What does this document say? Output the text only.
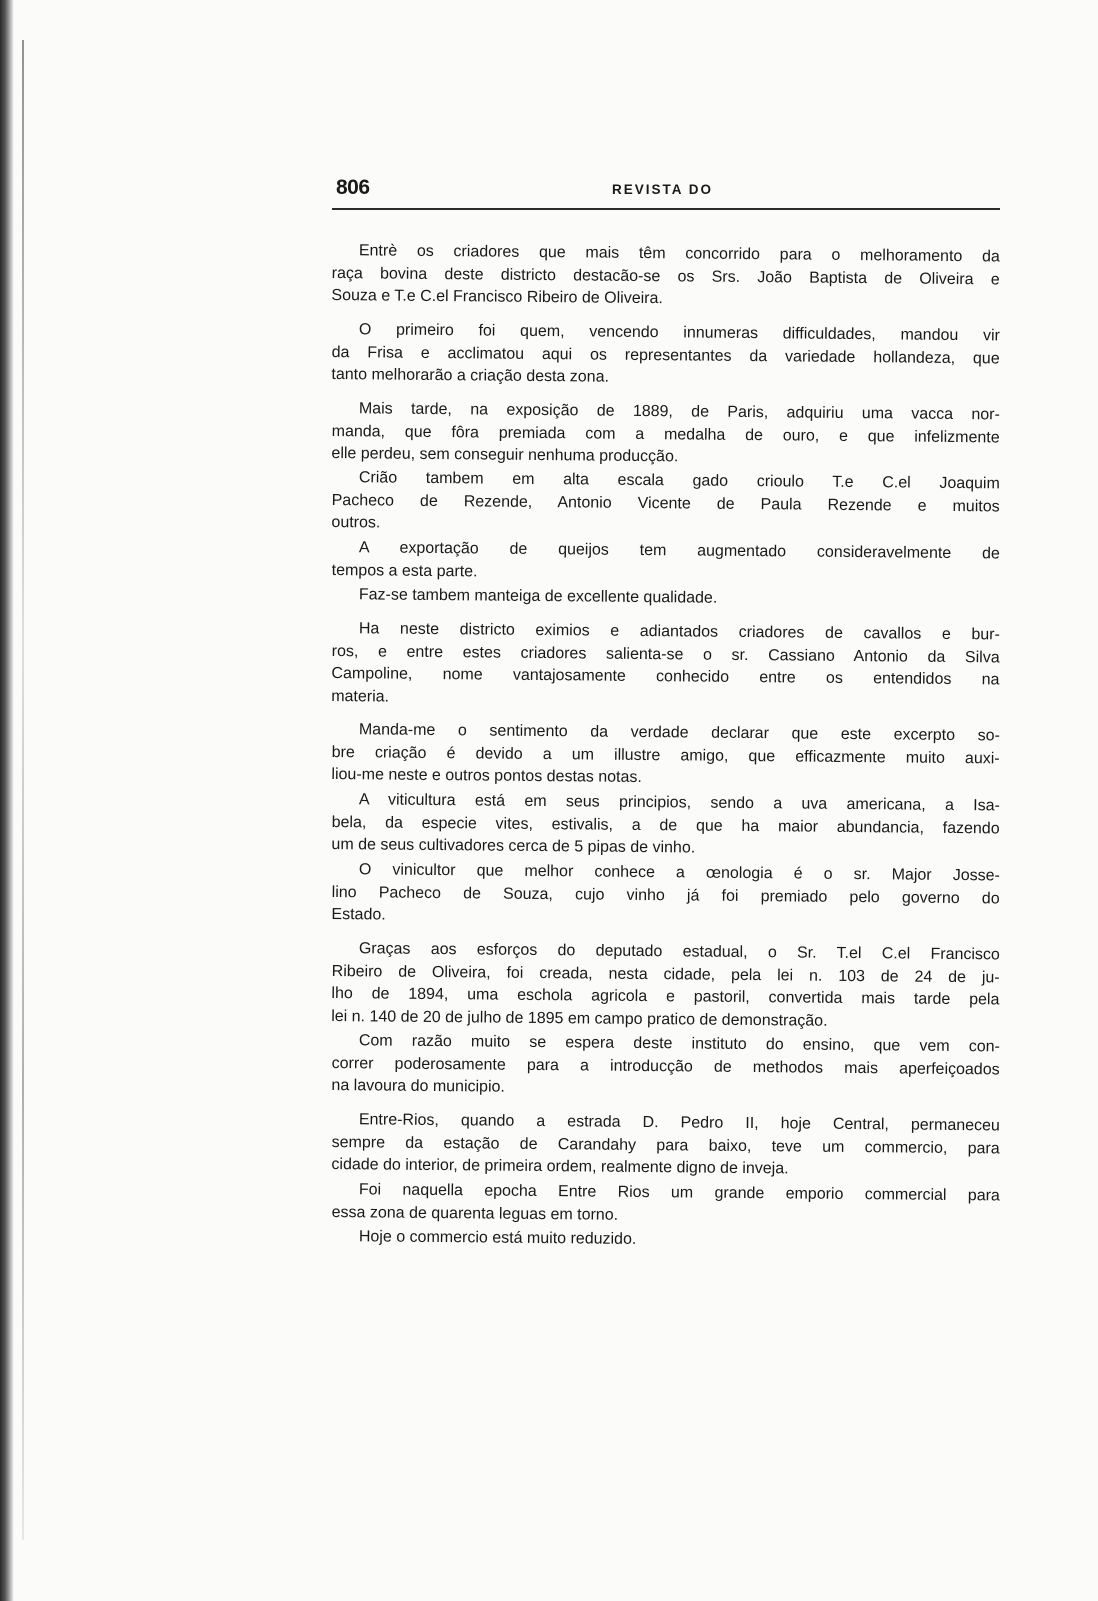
806	REVISTA DO

Entrè os criadores que mais têm concorrido para o melhoramento da
raça bovina deste districto destacão-se os Srs. João Baptista de Oliveira e
Souza e T.e C.el Francisco Ribeiro de Oliveira.

O primeiro foi quem, vencendo innumeras difficuldades, mandou vir
da Frisa e acclimatou aqui os representantes da variedade hollandeza, que
tanto melhorarão a criação desta zona.

Mais tarde, na exposição de 1889, de Paris, adquiriu uma vacca nor-
manda, que fôra premiada com a medalha de ouro, e que infelizmente
elle perdeu, sem conseguir nenhuma producção.

Crião tambem em alta escala gado crioulo T.e C.el Joaquim
Pacheco de Rezende, Antonio Vicente de Paula Rezende e muitos
outros.

A exportação de queijos tem augmentado consideravelmente de
tempos a esta parte.

Faz-se tambem manteiga de excellente qualidade.

Ha neste districto eximios e adiantados criadores de cavallos e bur-
ros, e entre estes criadores salienta-se o sr. Cassiano Antonio da Silva
Campoline, nome vantajosamente conhecido entre os entendidos na
materia.

Manda-me o sentimento da verdade declarar que este excerpto so-
bre criação é devido a um illustre amigo, que efficazmente muito auxi-
liou-me neste e outros pontos destas notas.

A viticultura está em seus principios, sendo a uva americana, a Isa-
bela, da especie vites, estivalis, a de que ha maior abundancia, fazendo
um de seus cultivadores cerca de 5 pipas de vinho.

O vinicultor que melhor conhece a œnologia é o sr. Major Josse-
lino Pacheco de Souza, cujo vinho já foi premiado pelo governo do
Estado.

Graças aos esforços do deputado estadual, o Sr. T.el C.el Francisco
Ribeiro de Oliveira, foi creada, nesta cidade, pela lei n. 103 de 24 de ju-
lho de 1894, uma eschola agricola e pastoril, convertida mais tarde pela
lei n. 140 de 20 de julho de 1895 em campo pratico de demonstração.

Com razão muito se espera deste instituto do ensino, que vem con-
correr poderosamente para a introducção de methodos mais aperfeiçoados
na lavoura do municipio.

Entre-Rios, quando a estrada D. Pedro II, hoje Central, permaneceu
sempre da estação de Carandahy para baixo, teve um commercio, para
cidade do interior, de primeira ordem, realmente digno de inveja.

Foi naquella epocha Entre Rios um grande emporio commercial para
essa zona de quarenta leguas em torno.

Hoje o commercio está muito reduzido.
